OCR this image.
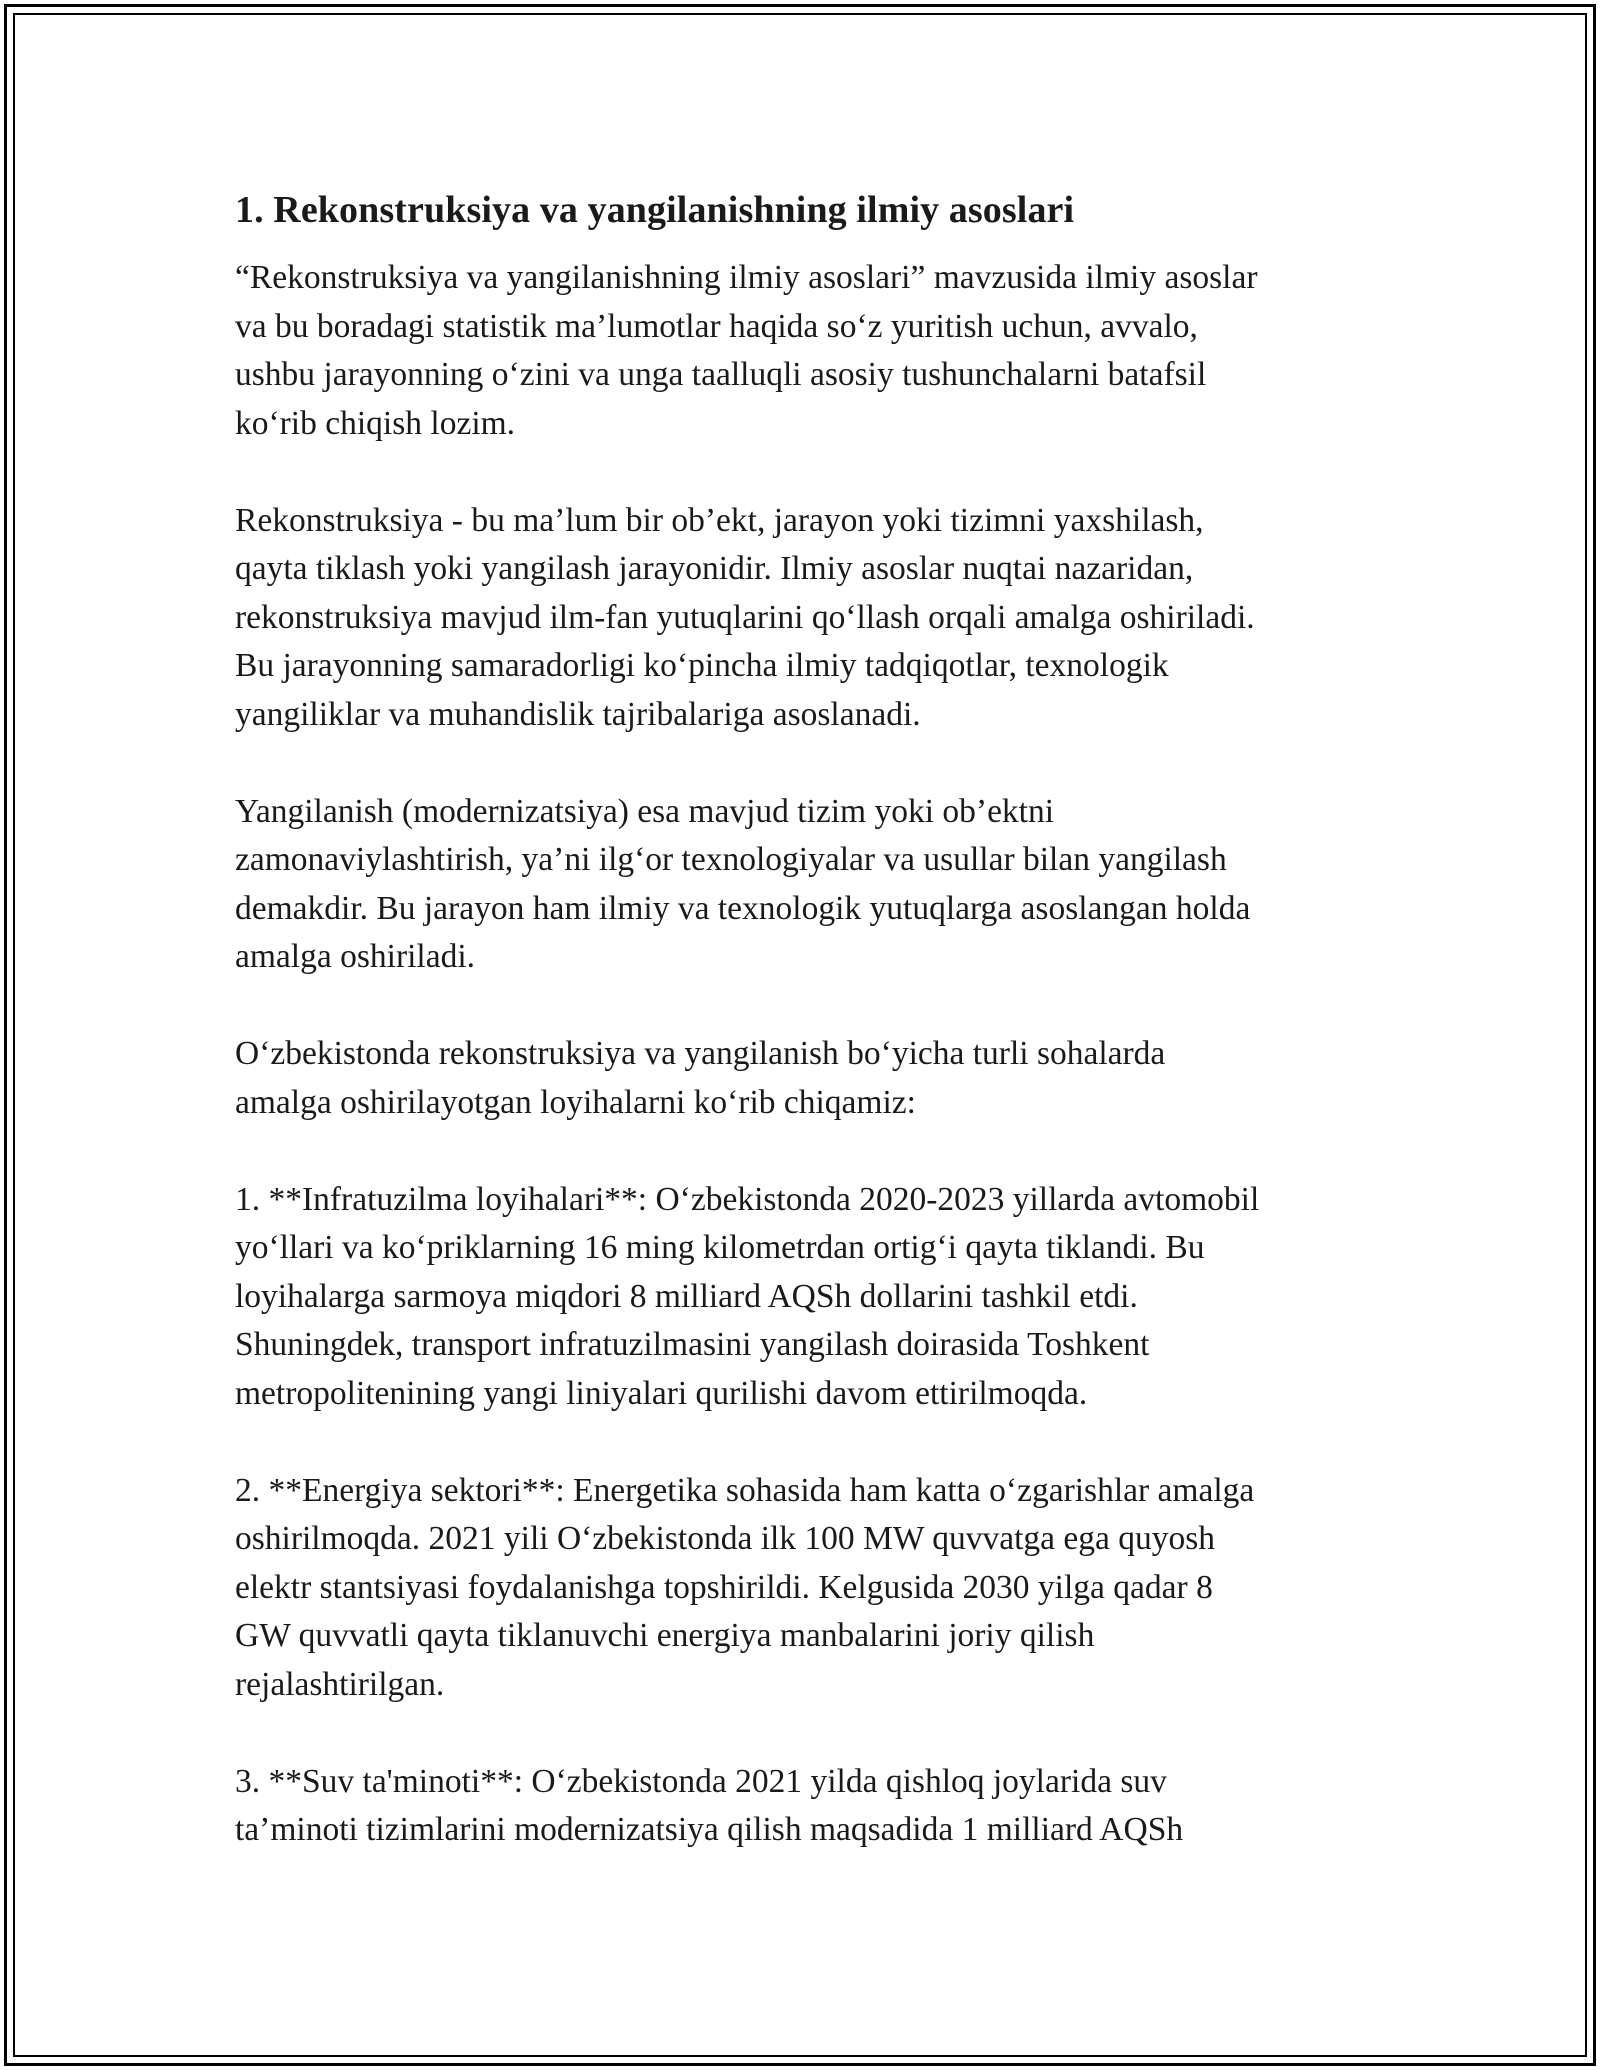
1. Rekonstruksiya va yangilanishning ilmiy asoslari

“Rekonstruksiya va yangilanishning ilmiy asoslari” mavzusida ilmiy asoslar
va bu boradagi statistik ma’lumotlar haqida so‘z yuritish uchun, avvalo,
ushbu jarayonning o‘zini va unga taalluqli asosiy tushunchalarni batafsil
ko‘rib chiqish lozim.

Rekonstruksiya - bu ma’lum bir ob’ekt, jarayon yoki tizimni yaxshilash,
qayta tiklash yoki yangilash jarayonidir. Ilmiy asoslar nuqtai nazaridan,
rekonstruksiya mavjud ilm-fan yutuqlarini qo‘llash orqali amalga oshiriladi.
Bu jarayonning samaradorligi ko‘pincha ilmiy tadqiqotlar, texnologik
yangiliklar va muhandislik tajribalariga asoslanadi.

Yangilanish (modernizatsiya) esa mavjud tizim yoki ob’ektni
zamonaviylashtirish, ya’ni ilg‘or texnologiyalar va usullar bilan yangilash
demakdir. Bu jarayon ham ilmiy va texnologik yutuqlarga asoslangan holda
amalga oshiriladi.

O‘zbekistonda rekonstruksiya va yangilanish bo‘yicha turli sohalarda
amalga oshirilayotgan loyihalarni ko‘rib chiqamiz:

1. **Infratuzilma loyihalari**: O‘zbekistonda 2020-2023 yillarda avtomobil
yo‘llari va ko‘priklarning 16 ming kilometrdan ortig‘i qayta tiklandi. Bu
loyihalarga sarmoya miqdori 8 milliard AQSh dollarini tashkil etdi.
Shuningdek, transport infratuzilmasini yangilash doirasida Toshkent
metropolitenining yangi liniyalari qurilishi davom ettirilmoqda.

2. **Energiya sektori**: Energetika sohasida ham katta o‘zgarishlar amalga
oshirilmoqda. 2021 yili O‘zbekistonda ilk 100 MW quvvatga ega quyosh
elektr stantsiyasi foydalanishga topshirildi. Kelgusida 2030 yilga qadar 8
GW quvvatli qayta tiklanuvchi energiya manbalarini joriy qilish
rejalashtirilgan.

3. **Suv ta'minoti**: O‘zbekistonda 2021 yilda qishloq joylarida suv
ta’minoti tizimlarini modernizatsiya qilish maqsadida 1 milliard AQSh
